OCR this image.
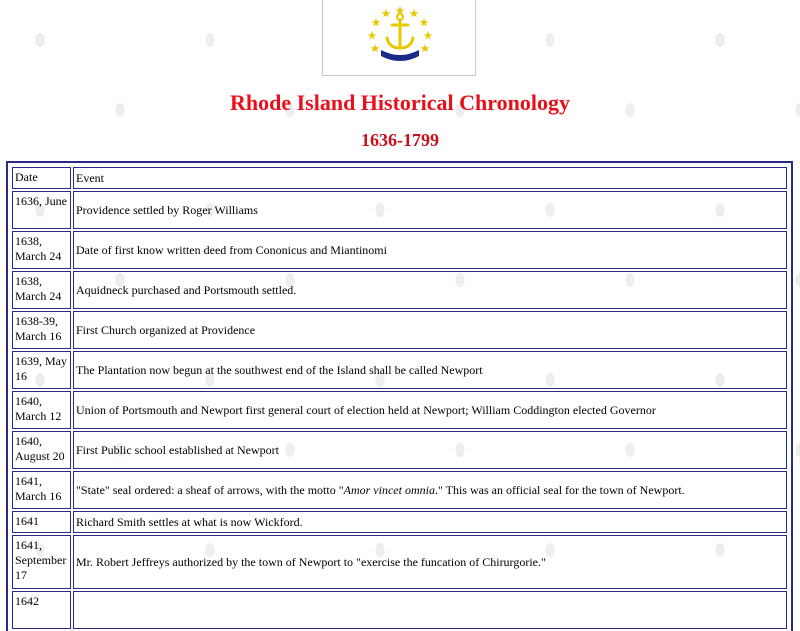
Rhode Island Historical Chronology
1636-1799
Date	Event
1636, June	Providence settled by Roger Williams
1638, March 24	Date of first know written deed from Cononicus and Miantinomi
1638, March 24	Aquidneck purchased and Portsmouth settled.
1638-39, March 16	First Church organized at Providence
1639, May 16	The Plantation now begun at the southwest end of the Island shall be called Newport
1640, March 12	Union of Portsmouth and Newport first general court of election held at Newport; William Coddington elected Governor
1640, August 20	First Public school established at Newport
1641, March 16	"State" seal ordered: a sheaf of arrows, with the motto "Amor vincet omnia." This was an official seal for the town of Newport.
1641	Richard Smith settles at what is now Wickford.
1641, September 17	Mr. Robert Jeffreys authorized by the town of Newport to "exercise the funcation of Chirurgorie."
1642	
